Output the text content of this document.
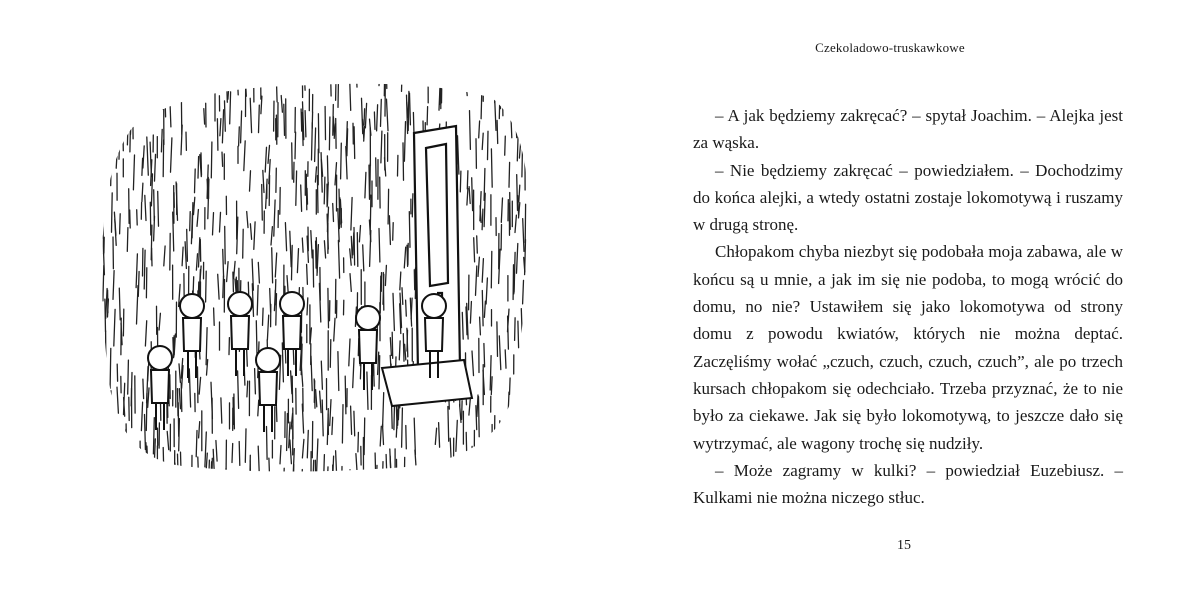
Czekoladowo-truskawkowe

– A jak będziemy zakręcać? – spytał Joachim. – Alejka jest za wąska.

– Nie będziemy zakręcać – powiedziałem. – Dochodzimy do końca alejki, a wtedy ostatni zostaje lokomotywą i ruszamy w drugą stronę.

Chłopakom chyba niezbyt się podobała moja zabawa, ale w końcu są u mnie, a jak im się nie podoba, to mogą wrócić do domu, no nie? Ustawiłem się jako lokomotywa od strony domu z powodu kwiatów, których nie można deptać. Zaczęliśmy wołać „czuch, czuch, czuch, czuch”, ale po trzech kursach chłopakom się odechciało. Trzeba przyznać, że to nie było za ciekawe. Jak się było lokomotywą, to jeszcze dało się wytrzymać, ale wagony trochę się nudziły.

– Może zagramy w kulki? – powiedział Euzebiusz. – Kulkami nie można niczego stłuc.

15
